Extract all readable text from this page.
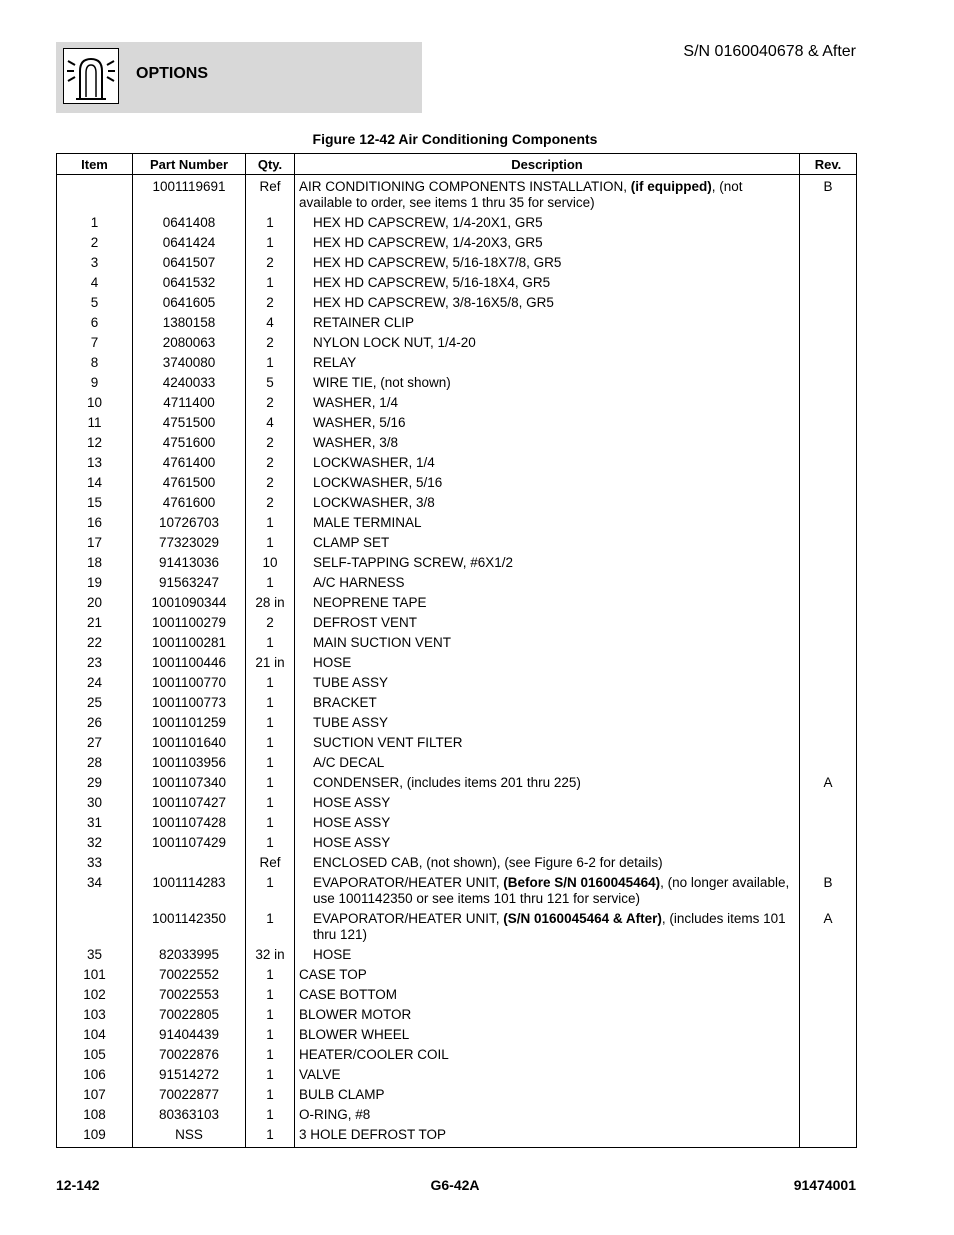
OPTIONS
S/N 0160040678 & After
Figure 12-42 Air Conditioning Components
Item	Part Number	Qty.	Description	Rev.
	1001119691	Ref	AIR CONDITIONING COMPONENTS INSTALLATION, (if equipped), (not available to order, see items 1 thru 35 for service)	B
1	0641408	1	HEX HD CAPSCREW, 1/4-20X1, GR5	
2	0641424	1	HEX HD CAPSCREW, 1/4-20X3, GR5	
3	0641507	2	HEX HD CAPSCREW, 5/16-18X7/8, GR5	
4	0641532	1	HEX HD CAPSCREW, 5/16-18X4, GR5	
5	0641605	2	HEX HD CAPSCREW, 3/8-16X5/8, GR5	
6	1380158	4	RETAINER CLIP	
7	2080063	2	NYLON LOCK NUT, 1/4-20	
8	3740080	1	RELAY	
9	4240033	5	WIRE TIE, (not shown)	
10	4711400	2	WASHER, 1/4	
11	4751500	4	WASHER, 5/16	
12	4751600	2	WASHER, 3/8	
13	4761400	2	LOCKWASHER, 1/4	
14	4761500	2	LOCKWASHER, 5/16	
15	4761600	2	LOCKWASHER, 3/8	
16	10726703	1	MALE TERMINAL	
17	77323029	1	CLAMP SET	
18	91413036	10	SELF-TAPPING SCREW, #6X1/2	
19	91563247	1	A/C HARNESS	
20	1001090344	28 in	NEOPRENE TAPE	
21	1001100279	2	DEFROST VENT	
22	1001100281	1	MAIN SUCTION VENT	
23	1001100446	21 in	HOSE	
24	1001100770	1	TUBE ASSY	
25	1001100773	1	BRACKET	
26	1001101259	1	TUBE ASSY	
27	1001101640	1	SUCTION VENT FILTER	
28	1001103956	1	A/C DECAL	
29	1001107340	1	CONDENSER, (includes items 201 thru 225)	A
30	1001107427	1	HOSE ASSY	
31	1001107428	1	HOSE ASSY	
32	1001107429	1	HOSE ASSY	
33		Ref	ENCLOSED CAB, (not shown), (see Figure 6-2 for details)	
34	1001114283	1	EVAPORATOR/HEATER UNIT, (Before S/N 0160045464), (no longer available, use 1001142350 or see items 101 thru 121 for service)	B
	1001142350	1	EVAPORATOR/HEATER UNIT, (S/N 0160045464 & After), (includes items 101 thru 121)	A
35	82033995	32 in	HOSE	
101	70022552	1	CASE TOP	
102	70022553	1	CASE BOTTOM	
103	70022805	1	BLOWER MOTOR	
104	91404439	1	BLOWER WHEEL	
105	70022876	1	HEATER/COOLER COIL	
106	91514272	1	VALVE	
107	70022877	1	BULB CLAMP	
108	80363103	1	O-RING, #8	
109	NSS	1	3 HOLE DEFROST TOP	
12-142	G6-42A	91474001
